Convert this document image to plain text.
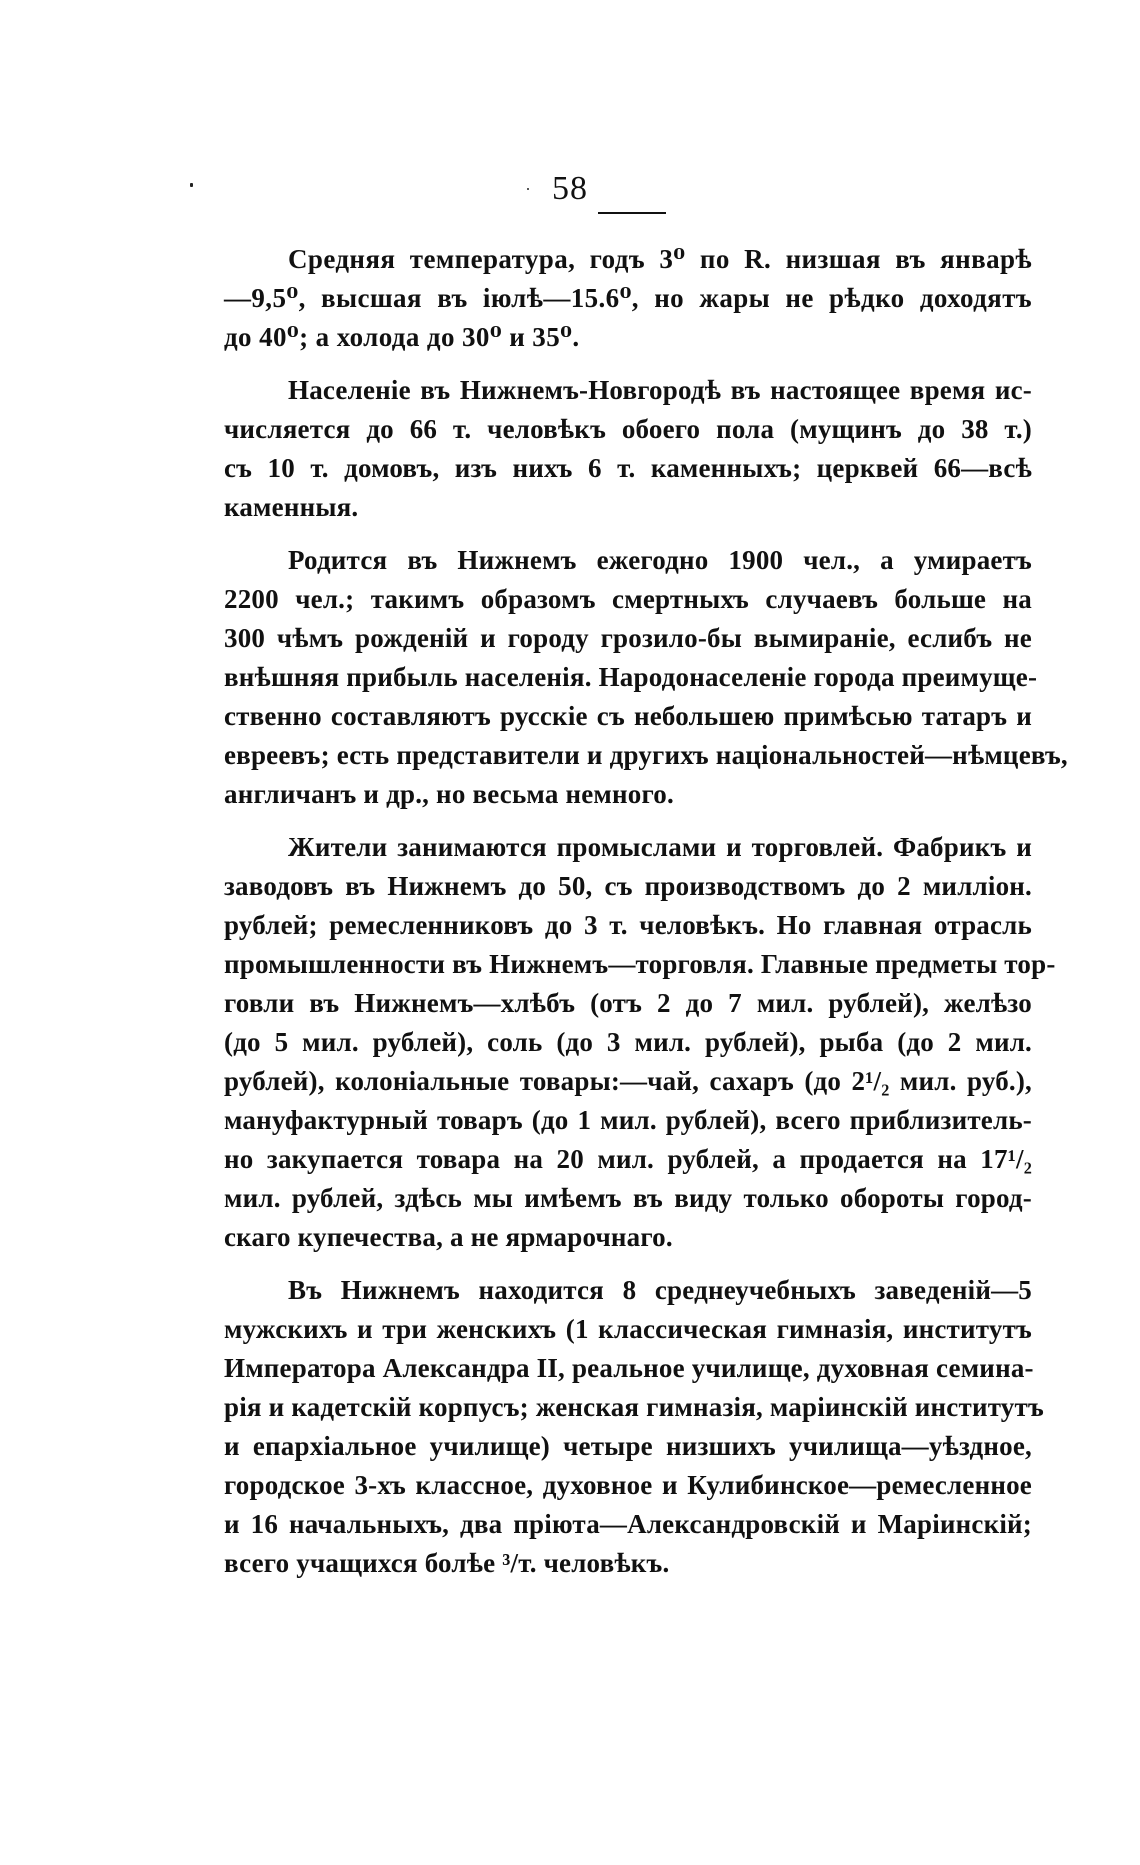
58
Средняя температура, годъ 3⁰ по R. низшая въ январѣ
—9,5⁰, высшая въ іюлѣ—15.6⁰, но жары не рѣдко доходятъ
до 40⁰; а холода до 30⁰ и 35⁰.
Населеніе въ Нижнемъ-Новгородѣ въ настоящее время ис-
числяется до 66 т. человѣкъ обоего пола (мущинъ до 38 т.)
съ 10 т. домовъ, изъ нихъ 6 т. каменныхъ; церквей 66—всѣ
каменныя.
Родится въ Нижнемъ ежегодно 1900 чел., а умираетъ
2200 чел.; такимъ образомъ смертныхъ случаевъ больше на
300 чѣмъ рожденій и городу грозило-бы вымираніе, еслибъ не
внѣшняя прибыль населенія. Народонаселеніе города преимуще-
ственно составляютъ русскіе съ небольшею примѣсью татаръ и
евреевъ; есть представители и другихъ національностей—нѣмцевъ,
англичанъ и др., но весьма немного.
Жители занимаются промыслами и торговлей. Фабрикъ и
заводовъ въ Нижнемъ до 50, съ производствомъ до 2 милліон.
рублей; ремесленниковъ до 3 т. человѣкъ. Но главная отрасль
промышленности въ Нижнемъ—торговля. Главные предметы тор-
говли въ Нижнемъ—хлѣбъ (отъ 2 до 7 мил. рублей), желѣзо
(до 5 мил. рублей), соль (до 3 мил. рублей), рыба (до 2 мил.
рублей), колоніальные товары:—чай, сахаръ (до 2¹/₂ мил. руб.),
мануфактурный товаръ (до 1 мил. рублей), всего приблизитель-
но закупается товара на 20 мил. рублей, а продается на 17¹/₂
мил. рублей, здѣсь мы имѣемъ въ виду только обороты город-
скаго купечества, а не ярмарочнаго.
Въ Нижнемъ находится 8 среднеучебныхъ заведеній—5
мужскихъ и три женскихъ (1 классическая гимназія, институтъ
Императора Александра II, реальное училище, духовная семина-
рія и кадетскій корпусъ; женская гимназія, маріинскій институтъ
и епархіальное училище) четыре низшихъ училища—уѣздное,
городское 3-хъ классное, духовное и Кулибинское—ремесленное
и 16 начальныхъ, два пріюта—Александровскій и Маріинскій;
всего учащихся болѣе ³/т. человѣкъ.
